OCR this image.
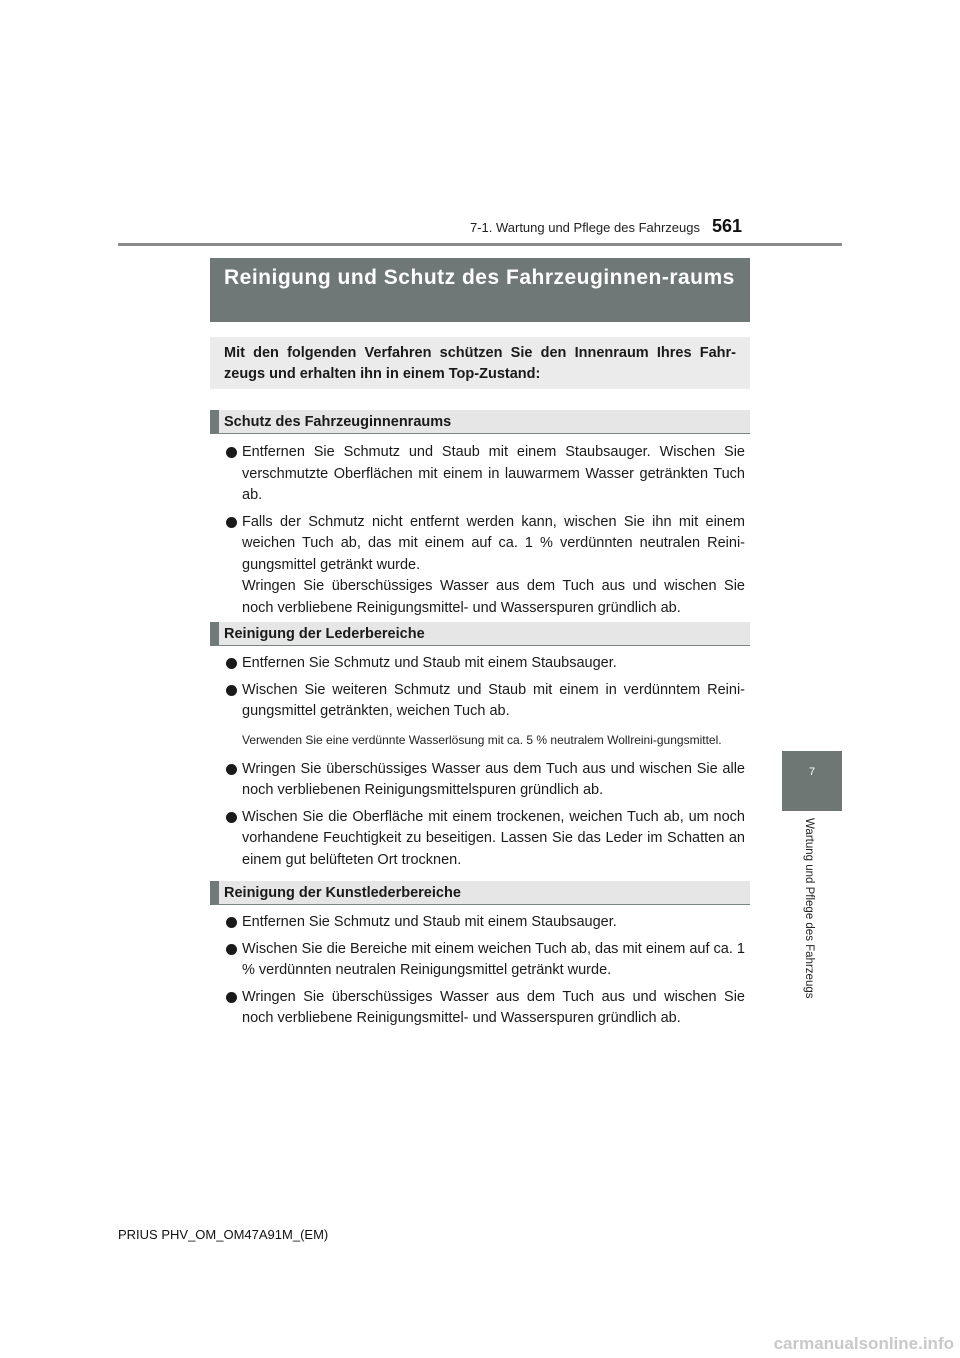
7-1. Wartung und Pflege des Fahrzeugs 561
7
Wartung und Pflege des Fahrzeugs
Reinigung und Schutz des Fahrzeuginnen-raums
Mit den folgenden Verfahren schützen Sie den Innenraum Ihres Fahr-zeugs und erhalten ihn in einem Top-Zustand:
Schutz des Fahrzeuginnenraums
Entfernen Sie Schmutz und Staub mit einem Staubsauger. Wischen Sie verschmutzte Oberflächen mit einem in lauwarmem Wasser getränkten Tuch ab.
Falls der Schmutz nicht entfernt werden kann, wischen Sie ihn mit einem weichen Tuch ab, das mit einem auf ca. 1 % verdünnten neutralen Reini-gungsmittel getränkt wurde.
Wringen Sie überschüssiges Wasser aus dem Tuch aus und wischen Sie noch verbliebene Reinigungsmittel- und Wasserspuren gründlich ab.
Reinigung der Lederbereiche
Entfernen Sie Schmutz und Staub mit einem Staubsauger.
Wischen Sie weiteren Schmutz und Staub mit einem in verdünntem Reini-gungsmittel getränkten, weichen Tuch ab.
Verwenden Sie eine verdünnte Wasserlösung mit ca. 5 % neutralem Wollreini-gungsmittel.
Wringen Sie überschüssiges Wasser aus dem Tuch aus und wischen Sie alle noch verbliebenen Reinigungsmittelspuren gründlich ab.
Wischen Sie die Oberfläche mit einem trockenen, weichen Tuch ab, um noch vorhandene Feuchtigkeit zu beseitigen. Lassen Sie das Leder im Schatten an einem gut belüfteten Ort trocknen.
Reinigung der Kunstlederbereiche
Entfernen Sie Schmutz und Staub mit einem Staubsauger.
Wischen Sie die Bereiche mit einem weichen Tuch ab, das mit einem auf ca. 1 % verdünnten neutralen Reinigungsmittel getränkt wurde.
Wringen Sie überschüssiges Wasser aus dem Tuch aus und wischen Sie noch verbliebene Reinigungsmittel- und Wasserspuren gründlich ab.
PRIUS PHV_OM_OM47A91M_(EM)
carmanualsonline.info
